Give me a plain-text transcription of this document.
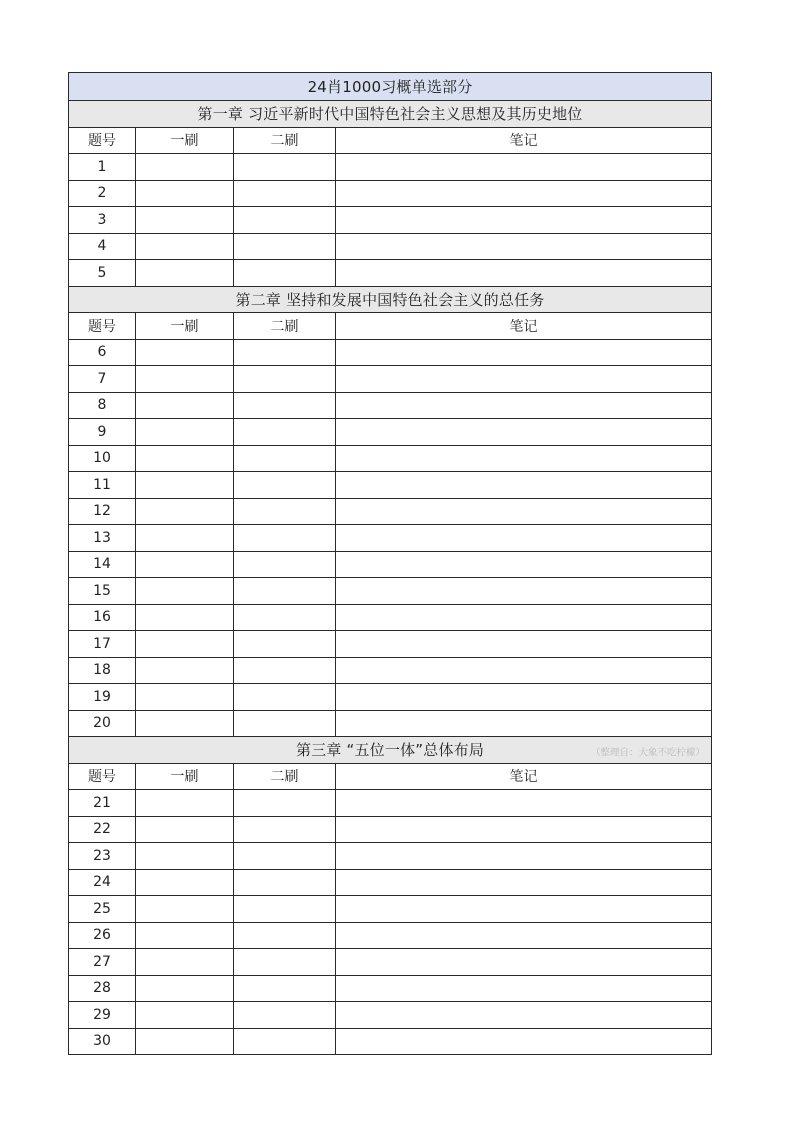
24肖1000习概单选部分
第一章 习近平新时代中国特色社会主义思想及其历史地位
题号	一刷	二刷	笔记
1
2
3
4
5
第二章 坚持和发展中国特色社会主义的总任务
题号	一刷	二刷	笔记
6
7
8
9
10
11
12
13
14
15
16
17
18
19
20
第三章 “五位一体”总体布局	（整理自：大象不吃柠檬）
题号	一刷	二刷	笔记
21
22
23
24
25
26
27
28
29
30
